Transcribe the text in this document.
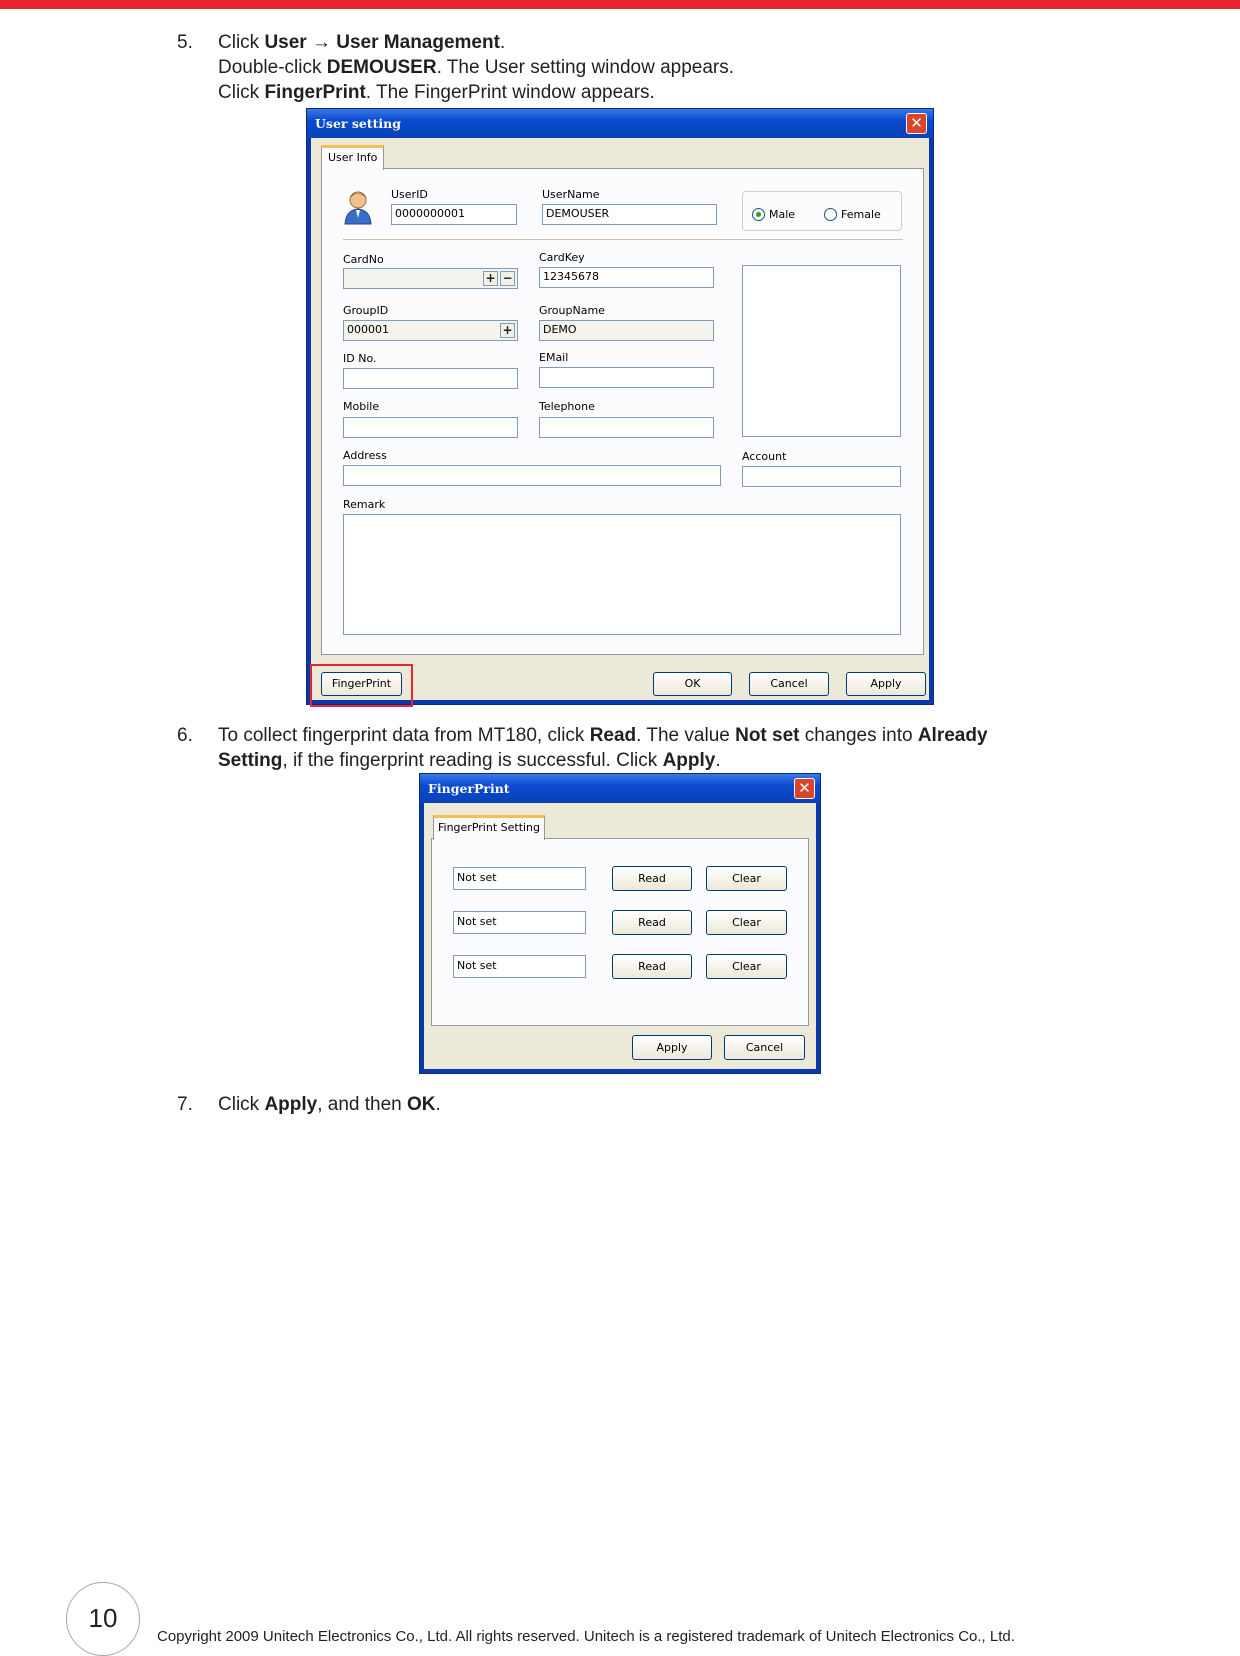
5. Click User → User Management.
Double-click DEMOUSER. The User setting window appears.
Click FingerPrint. The FingerPrint window appears.
User setting	✕
User Info
UserID
0000000001
UserName
DEMOUSER	Male	Female
CardNo
+ −
CardKey
12345678
GroupID
000001	+
GroupName
DEMO
ID No.	EMail
Mobile	Telephone
Address	Account
Remark
FingerPrint	OK	Cancel	Apply
6. To collect fingerprint data from MT180, click Read. The value Not set changes into Already
Setting, if the fingerprint reading is successful. Click Apply.
FingerPrint	✕
FingerPrint Setting
Not set	Read	Clear
Not set	Read	Clear
Not set	Read	Clear
Apply	Cancel
7. Click Apply, and then OK.
10
Copyright 2009 Unitech Electronics Co., Ltd. All rights reserved. Unitech is a registered trademark of Unitech Electronics Co., Ltd.
